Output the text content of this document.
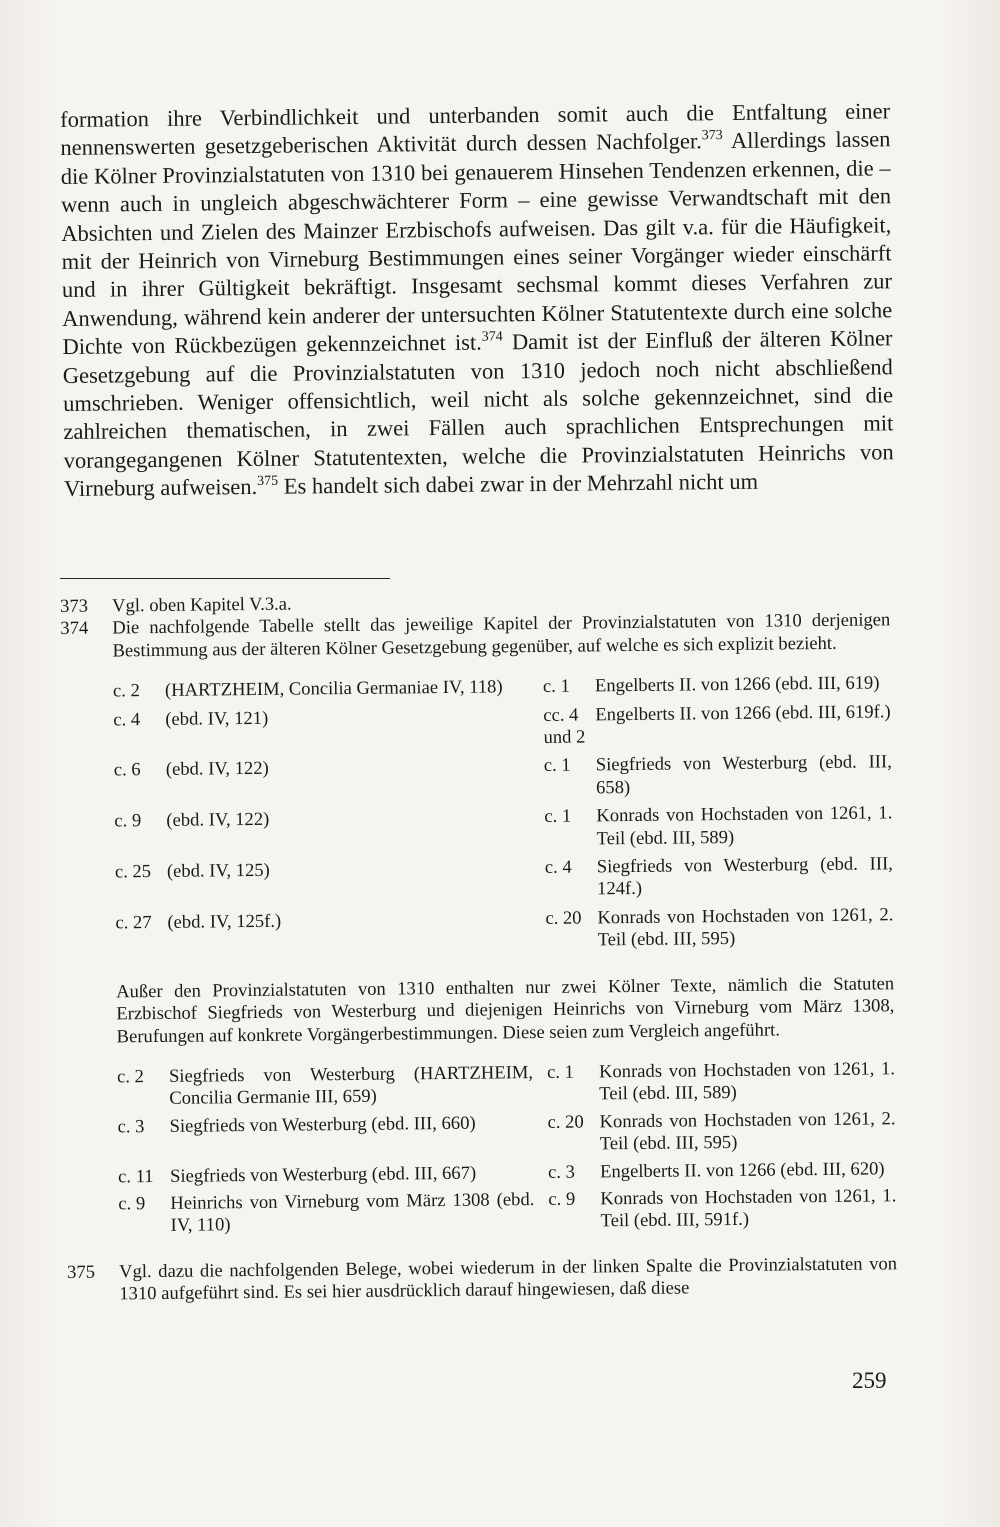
formation ihre Verbindlichkeit und unterbanden somit auch die Entfaltung einer nennenswerten gesetzgeberischen Aktivität durch dessen Nachfolger.$^{373}$ Allerdings lassen die Kölner Provinzialstatuten von 1310 bei genauerem Hinsehen Tendenzen erkennen, die – wenn auch in ungleich abgeschwächterer Form – eine gewisse Verwandtschaft mit den Absichten und Zielen des Mainzer Erzbischofs aufweisen. Das gilt v.a. für die Häufigkeit, mit der Heinrich von Virneburg Bestimmungen eines seiner Vorgänger wieder einschärft und in ihrer Gültigkeit bekräftigt. Insgesamt sechsmal kommt dieses Verfahren zur Anwendung, während kein anderer der untersuchten Kölner Statutentexte durch eine solche Dichte von Rückbezügen gekennzeichnet ist.$^{374}$ Damit ist der Einfluß der älteren Kölner Gesetzgebung auf die Provinzialstatuten von 1310 jedoch noch nicht abschließend umschrieben. Weniger offensichtlich, weil nicht als solche gekennzeichnet, sind die zahlreichen thematischen, in zwei Fällen auch sprachlichen Entsprechungen mit vorangegangenen Kölner Statutentexten, welche die Provinzialstatuten Heinrichs von Virneburg aufweisen.$^{375}$ Es handelt sich dabei zwar in der Mehrzahl nicht um

373	Vgl. oben Kapitel V.3.a.

374	Die nachfolgende Tabelle stellt das jeweilige Kapitel der Provinzialstatuten von 1310 derjenigen Bestimmung aus der älteren Kölner Gesetzgebung gegenüber, auf welche es sich explizit bezieht.

c. 2	(HARTZHEIM, Concilia Germaniae IV, 118)	c. 1	Engelberts II. von 1266 (ebd. III, 619)
c. 4	(ebd. IV, 121)	cc. 4 und 2	Engelberts II. von 1266 (ebd. III, 619f.)
c. 6	(ebd. IV, 122)	c. 1	Siegfrieds von Westerburg (ebd. III, 658)
c. 9	(ebd. IV, 122)	c. 1	Konrads von Hochstaden von 1261, 1. Teil (ebd. III, 589)
c. 25	(ebd. IV, 125)	c. 4	Siegfrieds von Westerburg (ebd. III, 124f.)
c. 27	(ebd. IV, 125f.)	c. 20	Konrads von Hochstaden von 1261, 2. Teil (ebd. III, 595)

Außer den Provinzialstatuten von 1310 enthalten nur zwei Kölner Texte, nämlich die Statuten Erzbischof Siegfrieds von Westerburg und diejenigen Heinrichs von Virneburg vom März 1308, Berufungen auf konkrete Vorgängerbestimmungen. Diese seien zum Vergleich angeführt.

c. 2	Siegfrieds von Westerburg (HARTZHEIM, Concilia Germanie III, 659)	c. 1	Konrads von Hochstaden von 1261, 1. Teil (ebd. III, 589)
c. 3	Siegfrieds von Westerburg (ebd. III, 660)	c. 20	Konrads von Hochstaden von 1261, 2. Teil (ebd. III, 595)
c. 11	Siegfrieds von Westerburg (ebd. III, 667)	c. 3	Engelberts II. von 1266 (ebd. III, 620)
c. 9	Heinrichs von Virneburg vom März 1308 (ebd. IV, 110)	c. 9	Konrads von Hochstaden von 1261, 1. Teil (ebd. III, 591f.)
375	Vgl. dazu die nachfolgenden Belege, wobei wiederum in der linken Spalte die Provinzialstatuten von 1310 aufgeführt sind. Es sei hier ausdrücklich darauf hingewiesen, daß diese

259
